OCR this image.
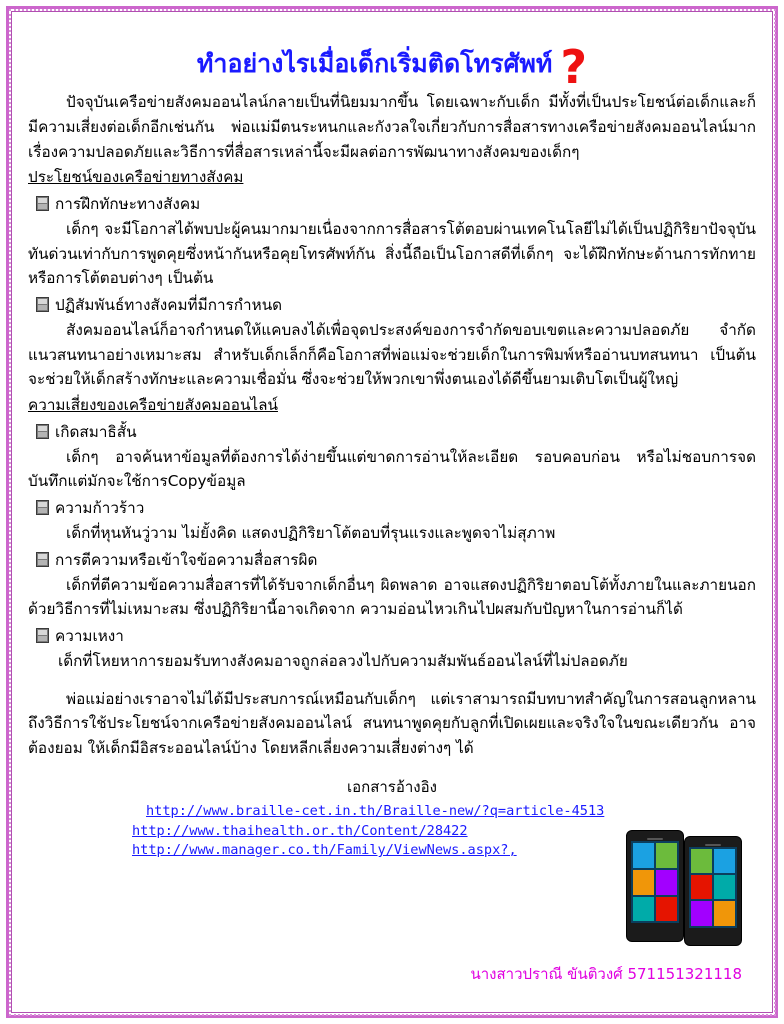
ทำอย่างไรเมื่อเด็กเริ่มติดโทรศัพท์ ?

ปัจจุบันเครือข่ายสังคมออนไลน์กลายเป็นที่นิยมมากขึ้น โดยเฉพาะกับเด็ก มีทั้งที่เป็นประโยชน์ต่อเด็กและก็มีความเสี่ยงต่อเด็กอีกเช่นกัน พ่อแม่มีตนระหนกและกังวลใจเกี่ยวกับการสื่อสารทางเครือข่ายสังคมออนไลน์มาก เรื่องความปลอดภัยและวิธีการที่สื่อสารเหล่านี้จะมีผลต่อการพัฒนาทางสังคมของเด็กๆ

ประโยชน์ของเครือข่ายทางสังคม
การฝึกทักษะทางสังคม

เด็กๆ จะมีโอกาสได้พบปะผู้คนมากมายเนื่องจากการสื่อสารโต้ตอบผ่านเทคโนโลยีไม่ได้เป็นปฏิกิริยาปัจจุบันทันด่วนเท่ากับการพูดคุยซึ่งหน้ากันหรือคุยโทรศัพท์กัน สิ่งนี้ถือเป็นโอกาสดีที่เด็กๆ จะได้ฝึกทักษะด้านการทักทาย หรือการโต้ตอบต่างๆ เป็นต้น

ปฏิสัมพันธ์ทางสังคมที่มีการกำหนด

สังคมออนไลน์ก็อาจกำหนดให้แคบลงได้เพื่อจุดประสงค์ของการจำกัดขอบเขตและความปลอดภัย จำกัดแนวสนทนาอย่างเหมาะสม สำหรับเด็กเล็กก็คือโอกาสที่พ่อแม่จะช่วยเด็กในการพิมพ์หรืออ่านบทสนทนา เป็นต้น จะช่วยให้เด็กสร้างทักษะและความเชื่อมั่น ซึ่งจะช่วยให้พวกเขาพึ่งตนเองได้ดีขึ้นยามเติบโตเป็นผู้ใหญ่

ความเสี่ยงของเครือข่ายสังคมออนไลน์
เกิดสมาธิสั้น

เด็กๆ อาจค้นหาข้อมูลที่ต้องการได้ง่ายขึ้นแต่ขาดการอ่านให้ละเอียด รอบคอบก่อน หรือไม่ชอบการจดบันทึกแต่มักจะใช้การCopyข้อมูล

ความก้าวร้าว

เด็กที่หุนหันวู่วาม ไม่ยั้งคิด แสดงปฏิกิริยาโต้ตอบที่รุนแรงและพูดจาไม่สุภาพ

การตีความหรือเข้าใจข้อความสื่อสารผิด

เด็กที่ตีความข้อความสื่อสารที่ได้รับจากเด็กอื่นๆ ผิดพลาด อาจแสดงปฏิกิริยาตอบโต้ทั้งภายในและภายนอกด้วยวิธีการที่ไม่เหมาะสม ซึ่งปฏิกิริยานี้อาจเกิดจาก ความอ่อนไหวเกินไปผสมกับปัญหาในการอ่านก็ได้

ความเหงา

เด็กที่โหยหาการยอมรับทางสังคมอาจถูกล่อลวงไปกับความสัมพันธ์ออนไลน์ที่ไม่ปลอดภัย

พ่อแม่อย่างเราอาจไม่ได้มีประสบการณ์เหมือนกับเด็กๆ แต่เราสามารถมีบทบาทสำคัญในการสอนลูกหลานถึงวิธีการใช้ประโยชน์จากเครือข่ายสังคมออนไลน์ สนทนาพูดคุยกับลูกที่เปิดเผยและจริงใจในขณะเดียวกัน อาจต้องยอม ให้เด็กมีอิสระออนไลน์บ้าง โดยหลีกเลี่ยงความเสี่ยงต่างๆ ได้

เอกสารอ้างอิง
http://www.braille-cet.in.th/Braille-new/?q=article-4513
http://www.thaihealth.or.th/Content/28422
http://www.manager.co.th/Family/ViewNews.aspx?,
นางสาวปราณี ขันติวงศ์ 571151321118
